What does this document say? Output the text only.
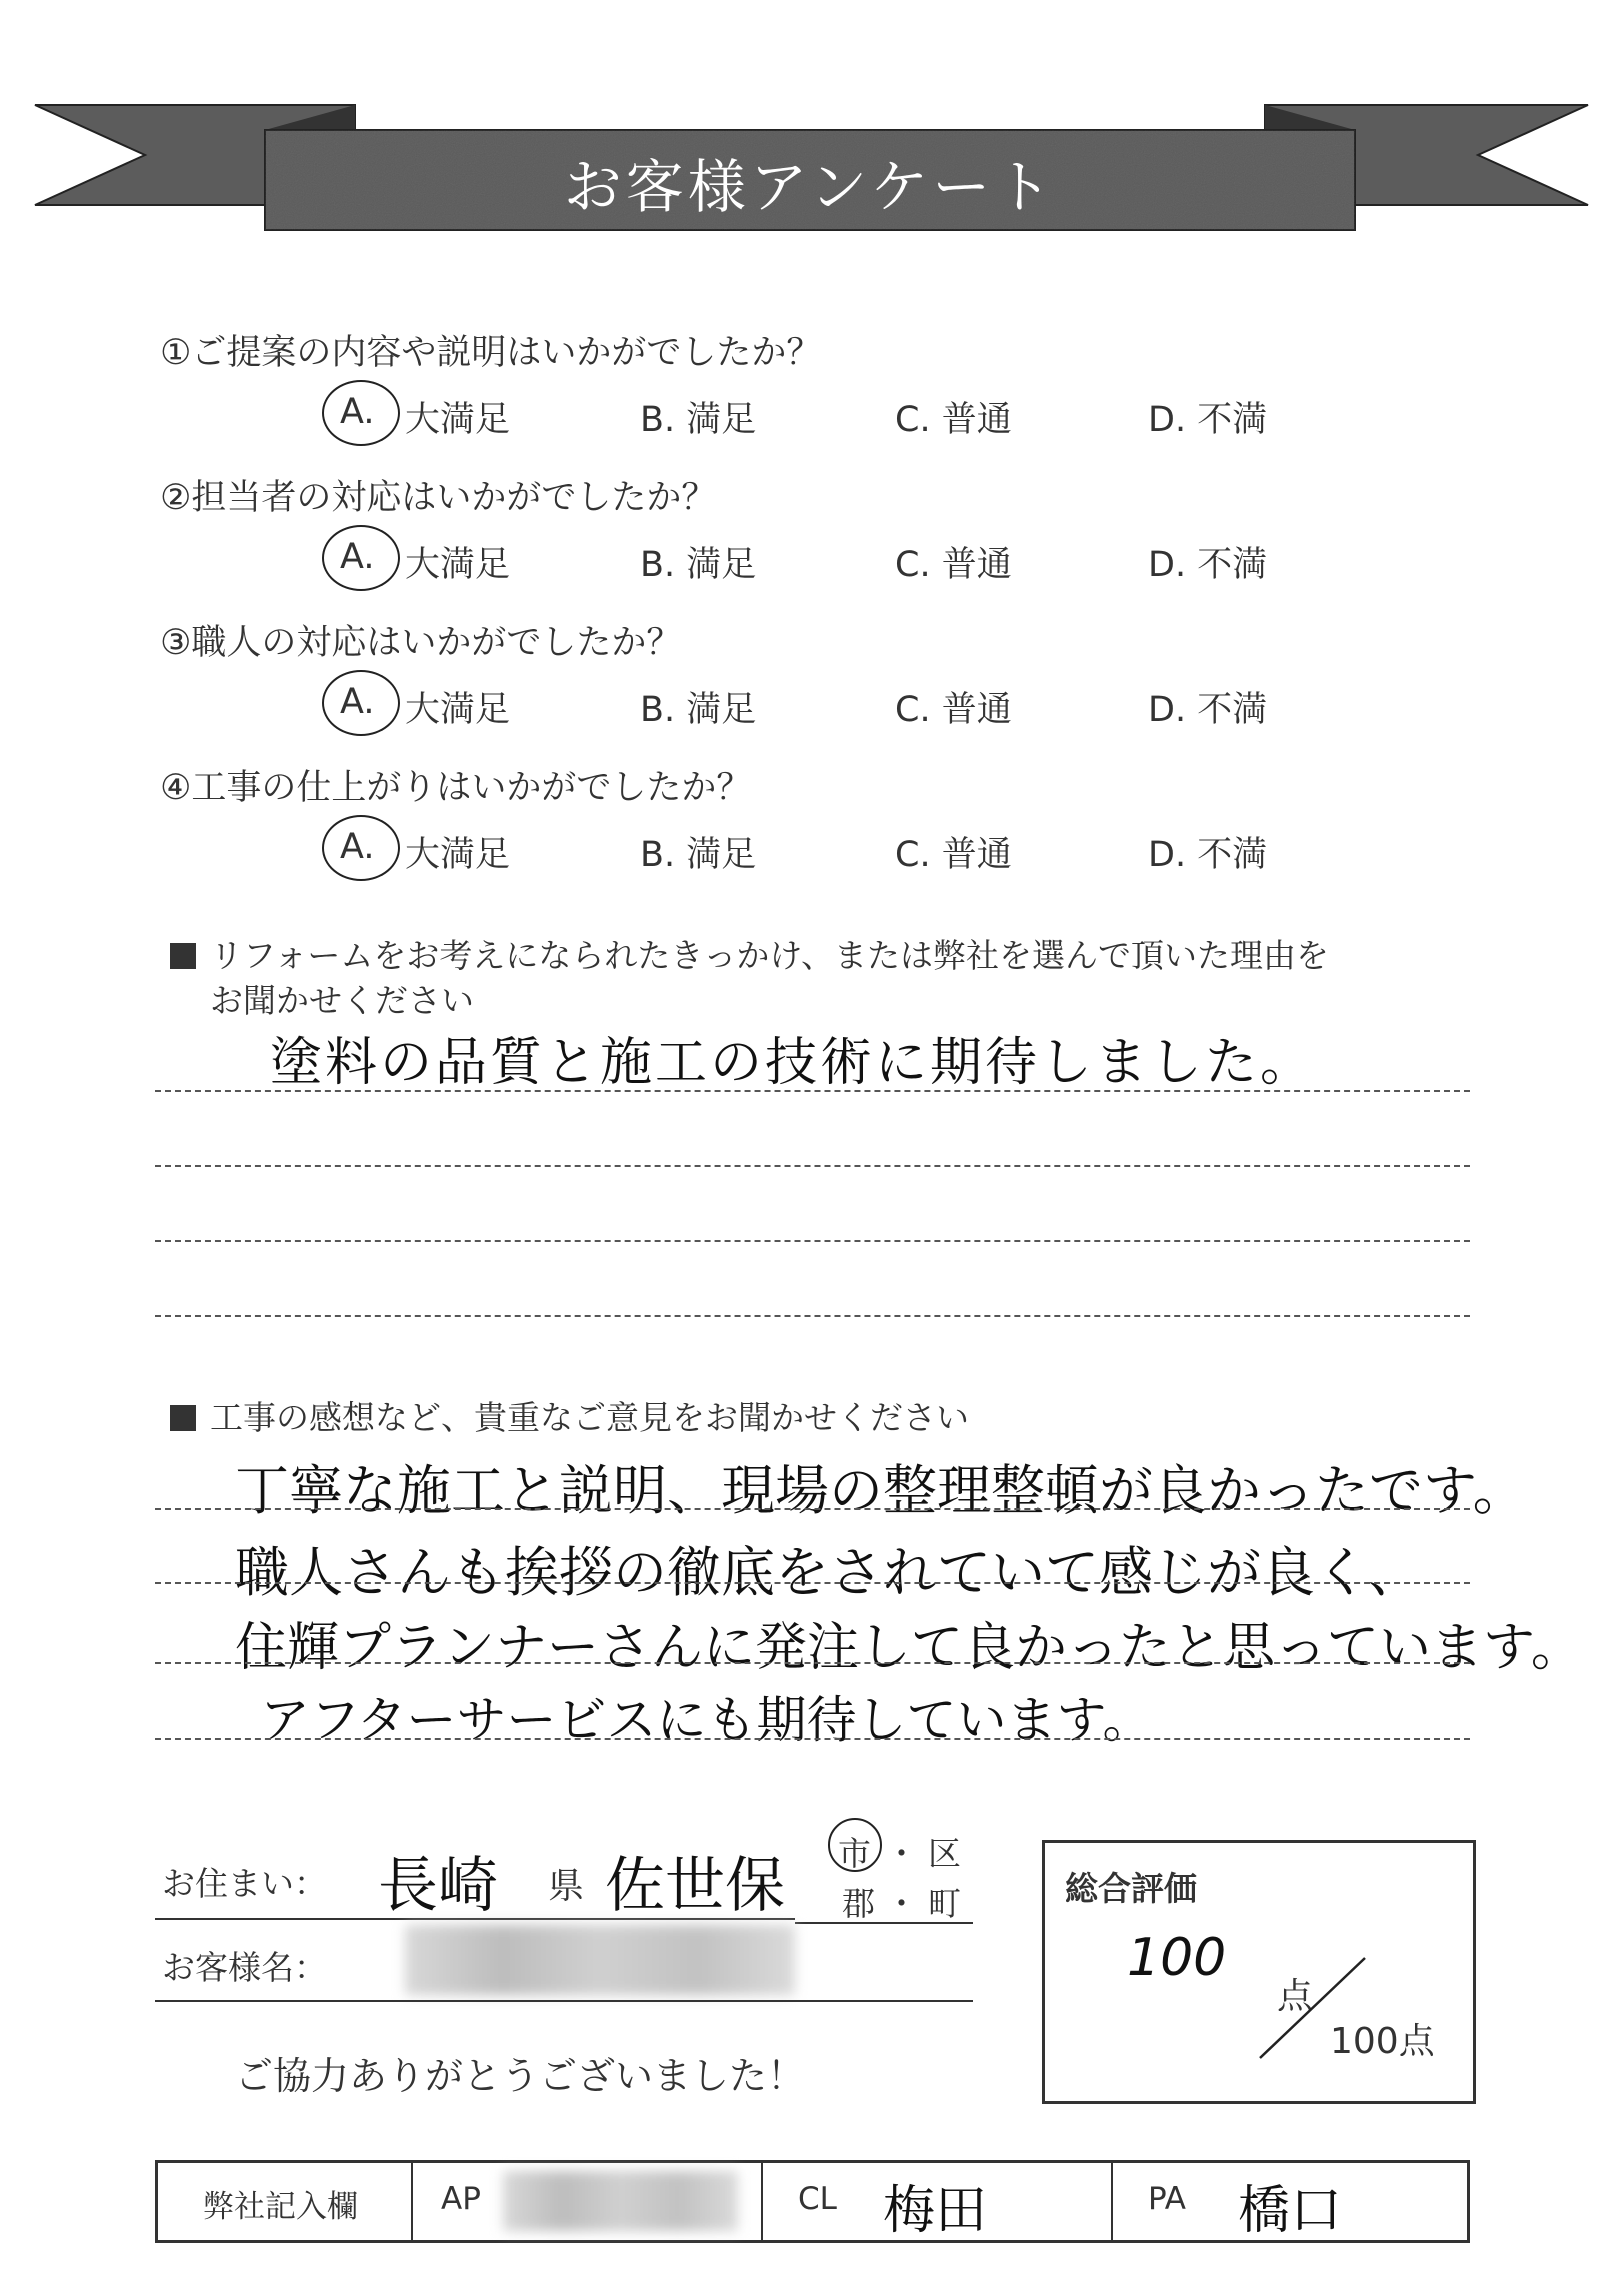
お客様アンケート
①ご提案の内容や説明はいかがでしたか？
A. 大満足	B. 満足	C. 普通	D. 不満
②担当者の対応はいかがでしたか？
A. 大満足	B. 満足	C. 普通	D. 不満
③職人の対応はいかがでしたか？
A. 大満足	B. 満足	C. 普通	D. 不満
④工事の仕上がりはいかがでしたか？
A. 大満足	B. 満足	C. 普通	D. 不満
リフォームをお考えになられたきっかけ、または弊社を選んで頂いた理由を
お聞かせください
塗料の品質と施工の技術に期待しました。
工事の感想など、貴重なご意見をお聞かせください
丁寧な施工と説明、現場の整理整頓が良かったです。
職人さんも挨拶の徹底をされていて感じが良く、
住輝プランナーさんに発注して良かったと思っています。
アフターサービスにも期待しています。
お住まい： 長崎 県 佐世保 市 ・ 区
郡 ・ 町
お客様名：
ご協力ありがとうございました！
総合評価
100
点
100点
弊社記入欄	AP	CL 梅田	PA 橋口
